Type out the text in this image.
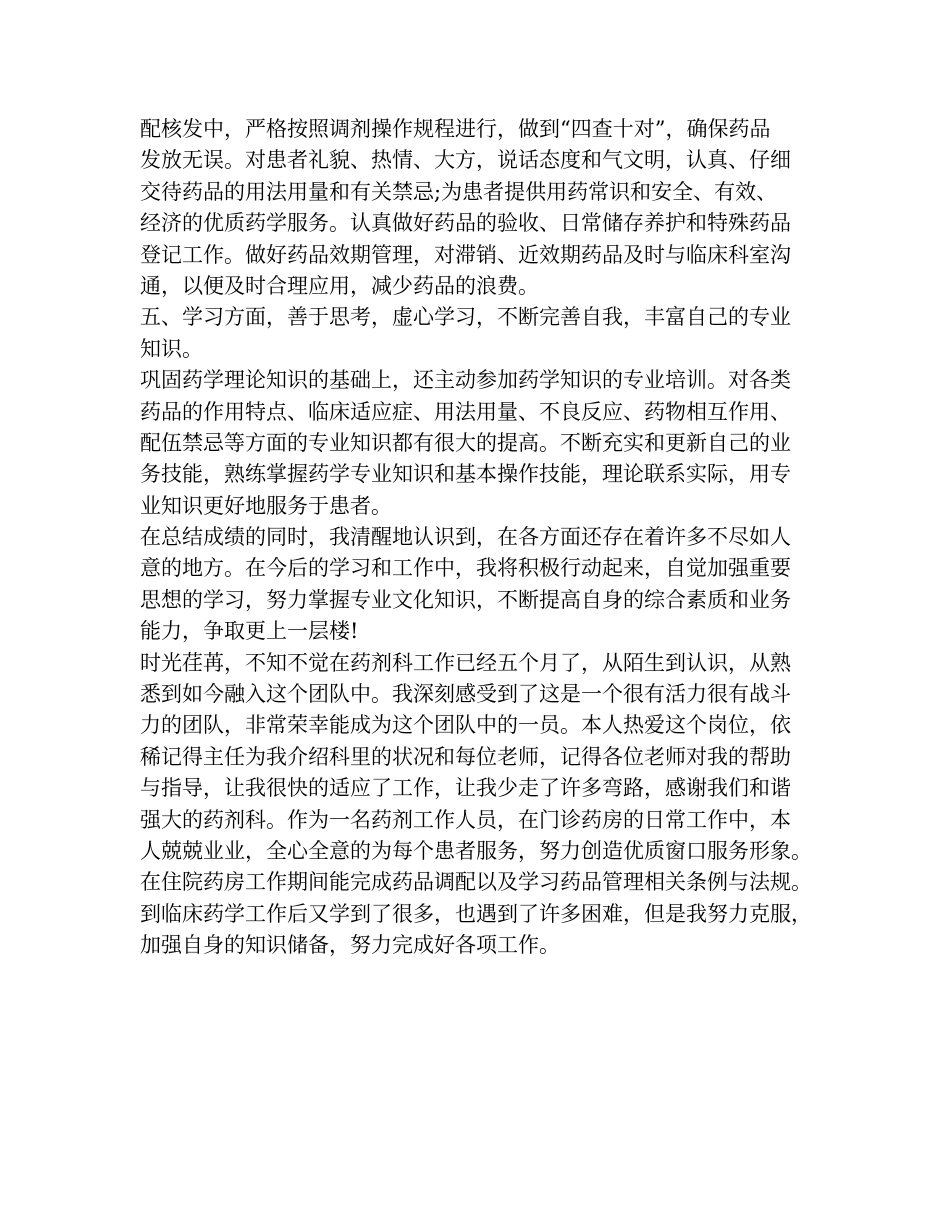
配核发中，严格按照调剂操作规程进行，做到“四查十对”，确保药品
发放无误。对患者礼貌、热情、大方，说话态度和气文明，认真、仔细
交待药品的用法用量和有关禁忌;为患者提供用药常识和安全、有效、
经济的优质药学服务。认真做好药品的验收、日常储存养护和特殊药品
登记工作。做好药品效期管理，对滞销、近效期药品及时与临床科室沟
通，以便及时合理应用，减少药品的浪费。
五、学习方面，善于思考，虚心学习，不断完善自我，丰富自己的专业
知识。
巩固药学理论知识的基础上，还主动参加药学知识的专业培训。对各类
药品的作用特点、临床适应症、用法用量、不良反应、药物相互作用、
配伍禁忌等方面的专业知识都有很大的提高。不断充实和更新自己的业
务技能，熟练掌握药学专业知识和基本操作技能，理论联系实际，用专
业知识更好地服务于患者。
在总结成绩的同时，我清醒地认识到，在各方面还存在着许多不尽如人
意的地方。在今后的学习和工作中，我将积极行动起来，自觉加强重要
思想的学习，努力掌握专业文化知识，不断提高自身的综合素质和业务
能力，争取更上一层楼!
时光荏苒，不知不觉在药剂科工作已经五个月了，从陌生到认识，从熟
悉到如今融入这个团队中。我深刻感受到了这是一个很有活力很有战斗
力的团队，非常荣幸能成为这个团队中的一员。本人热爱这个岗位，依
稀记得主任为我介绍科里的状况和每位老师，记得各位老师对我的帮助
与指导，让我很快的适应了工作，让我少走了许多弯路，感谢我们和谐
强大的药剂科。作为一名药剂工作人员，在门诊药房的日常工作中，本
人兢兢业业，全心全意的为每个患者服务，努力创造优质窗口服务形象。
在住院药房工作期间能完成药品调配以及学习药品管理相关条例与法规。
到临床药学工作后又学到了很多，也遇到了许多困难，但是我努力克服，
加强自身的知识储备，努力完成好各项工作。
